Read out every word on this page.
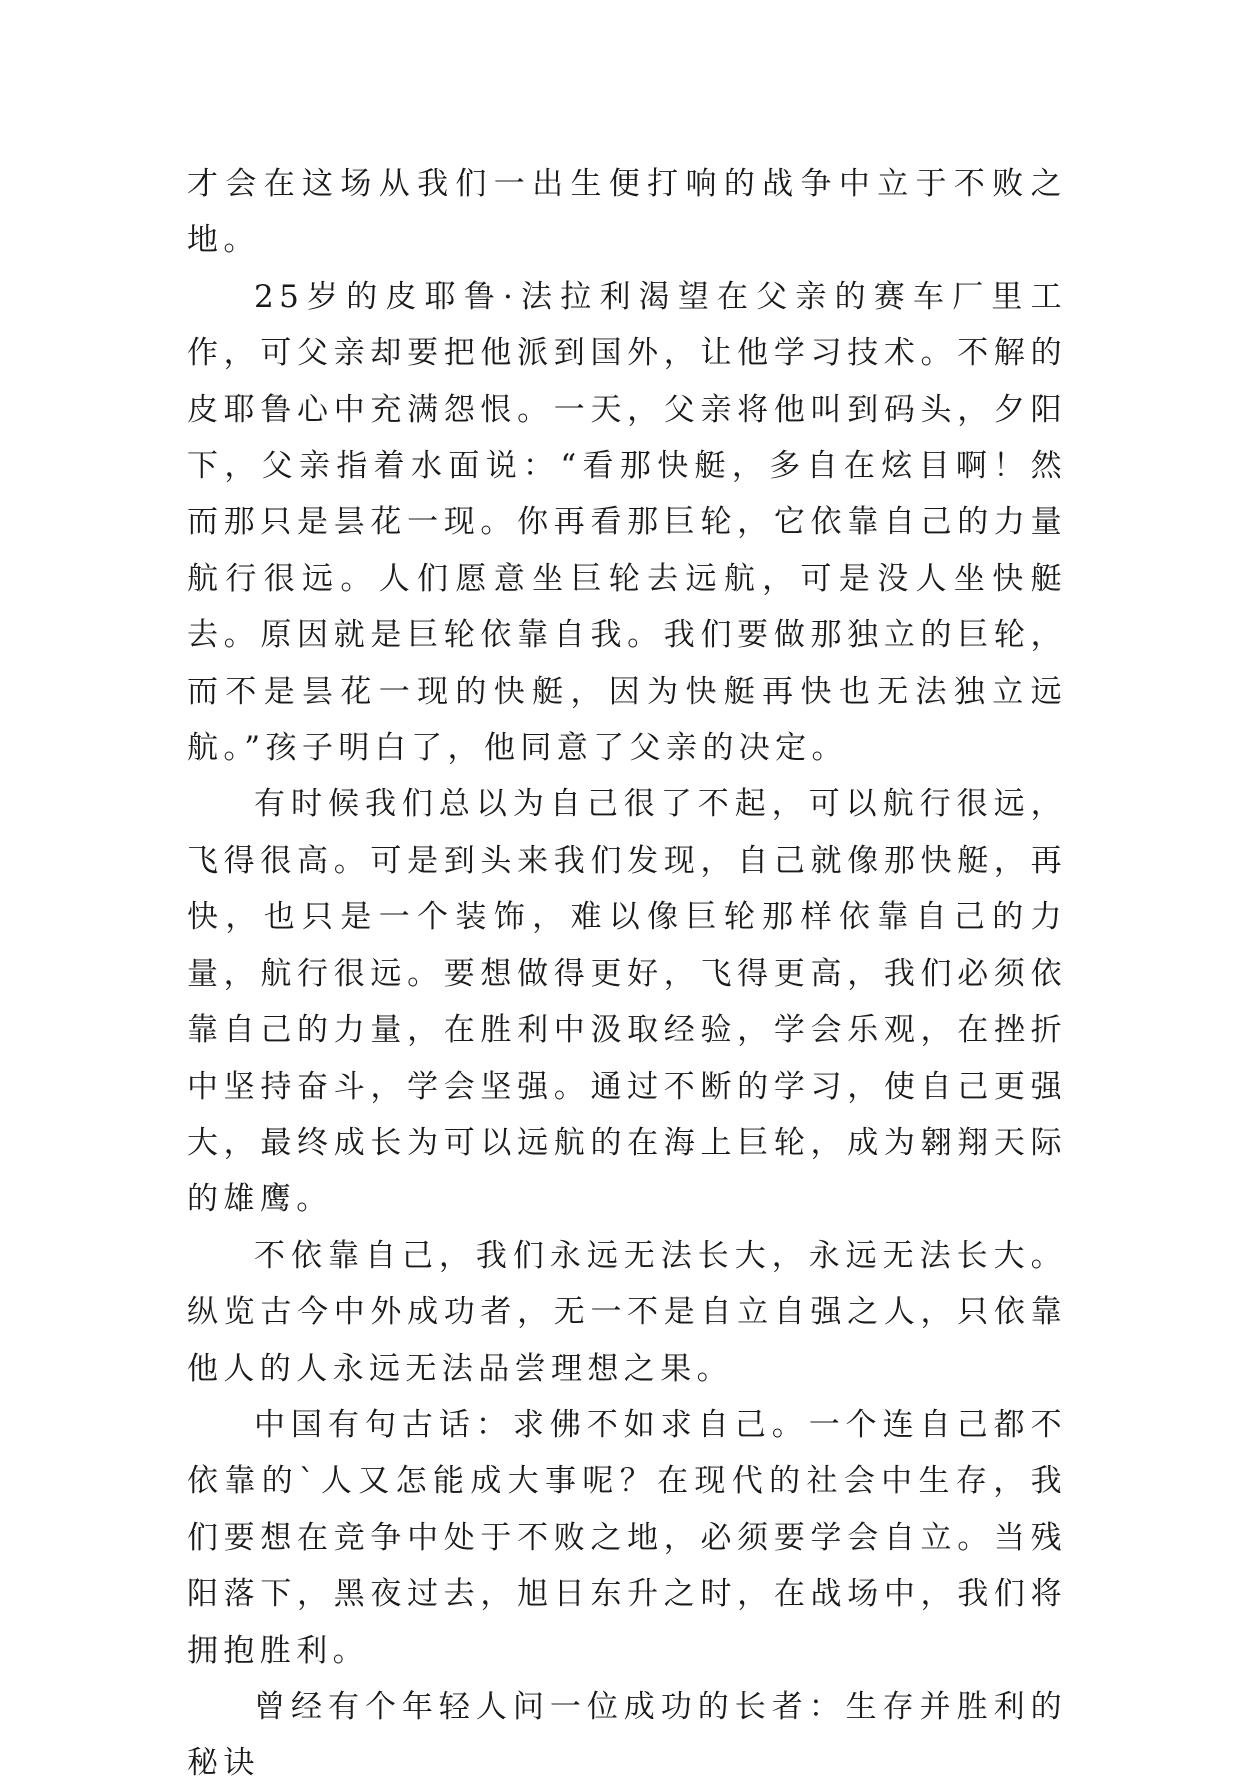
才会在这场从我们一出生便打响的战争中立于不败之地。

25岁的皮耶鲁·法拉利渴望在父亲的赛车厂里工作，可父亲却要把他派到国外，让他学习技术。不解的皮耶鲁心中充满怨恨。一天，父亲将他叫到码头，夕阳下，父亲指着水面说：“看那快艇，多自在炫目啊！然而那只是昙花一现。你再看那巨轮，它依靠自己的力量航行很远。人们愿意坐巨轮去远航，可是没人坐快艇去。原因就是巨轮依靠自我。我们要做那独立的巨轮，而不是昙花一现的快艇，因为快艇再快也无法独立远航。”孩子明白了，他同意了父亲的决定。

有时候我们总以为自己很了不起，可以航行很远，飞得很高。可是到头来我们发现，自己就像那快艇，再快，也只是一个装饰，难以像巨轮那样依靠自己的力量，航行很远。要想做得更好，飞得更高，我们必须依靠自己的力量，在胜利中汲取经验，学会乐观，在挫折中坚持奋斗，学会坚强。通过不断的学习，使自己更强大，最终成长为可以远航的在海上巨轮，成为翱翔天际的雄鹰。

不依靠自己，我们永远无法长大，永远无法长大。纵览古今中外成功者，无一不是自立自强之人，只依靠他人的人永远无法品尝理想之果。

中国有句古话：求佛不如求自己。一个连自己都不依靠的`人又怎能成大事呢？在现代的社会中生存，我们要想在竞争中处于不败之地，必须要学会自立。当残阳落下，黑夜过去，旭日东升之时，在战场中，我们将拥抱胜利。

曾经有个年轻人问一位成功的长者：生存并胜利的秘诀
